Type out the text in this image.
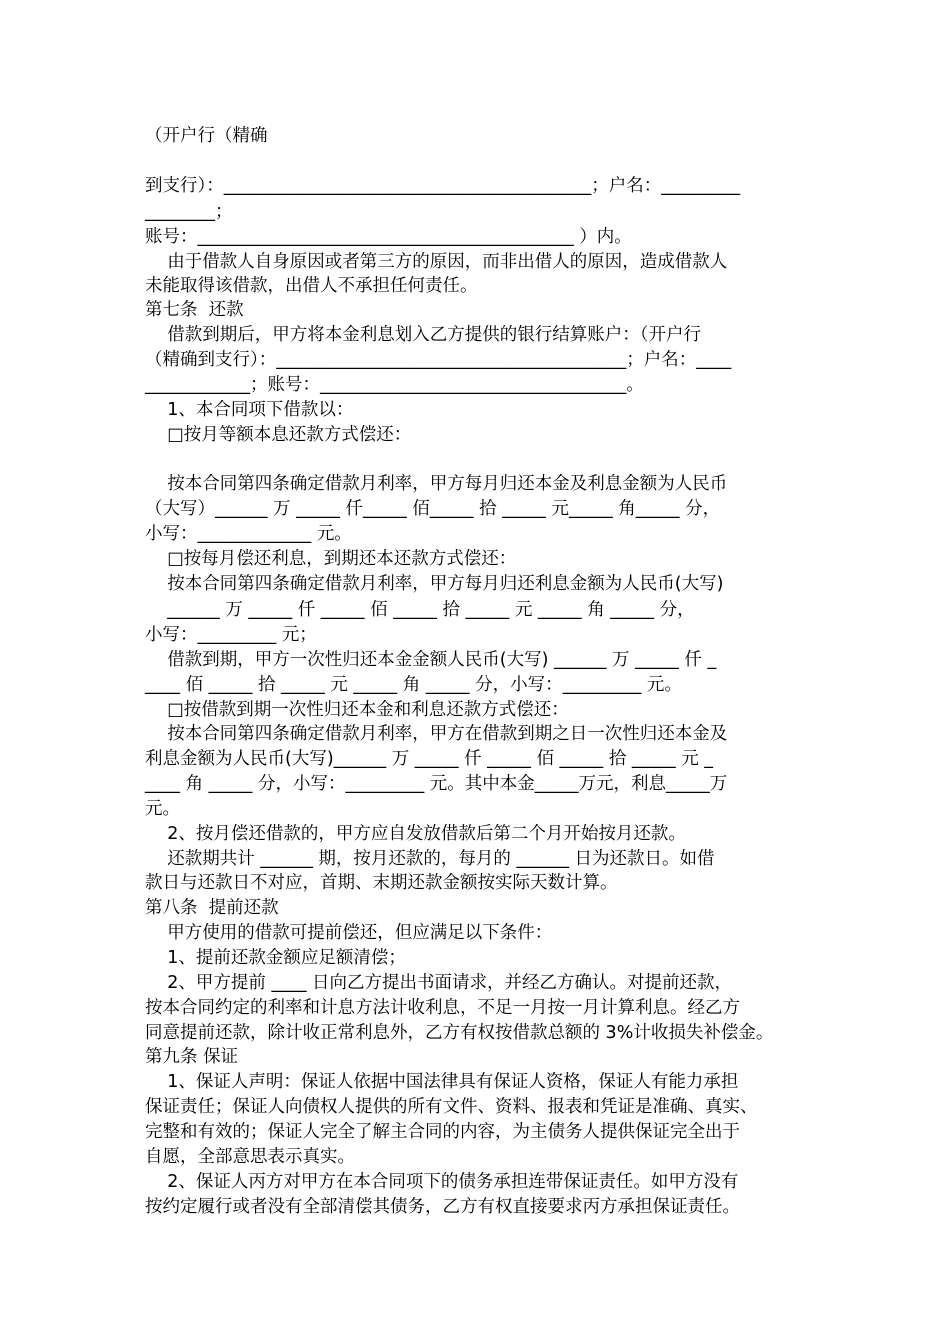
（开户行（精确

到支行）：__________________________________________；户名：_________

________；

账号：___________________________________________ ）内。

由于借款人自身原因或者第三方的原因，而非出借人的原因，造成借款人

未能取得该借款，出借人不承担任何责任。

第七条  还款

借款到期后，甲方将本金利息划入乙方提供的银行结算账户：（开户行

（精确到支行）：________________________________________；户名：____

____________；账号：___________________________________。

1、本合同项下借款以：

□按月等额本息还款方式偿还：

按本合同第四条确定借款月利率，甲方每月归还本金及利息金额为人民币

（大写）______ 万 _____ 仟_____ 佰_____ 拾 _____ 元_____ 角_____ 分，

小写：_____________ 元。

□按每月偿还利息，到期还本还款方式偿还：

按本合同第四条确定借款月利率，甲方每月归还利息金额为人民币(大写)

______ 万 _____ 仟 _____ 佰 _____ 拾 _____ 元 _____ 角 _____ 分，

小写：_________ 元；

借款到期，甲方一次性归还本金金额人民币(大写) ______ 万 _____ 仟 _

____ 佰 _____ 拾 _____ 元 _____ 角 _____ 分，小写：_________ 元。

□按借款到期一次性归还本金和利息还款方式偿还：

按本合同第四条确定借款月利率，甲方在借款到期之日一次性归还本金及

利息金额为人民币(大写)______ 万 _____ 仟 _____ 佰 _____ 拾 _____ 元 _

____ 角 _____ 分，小写：_________ 元。其中本金_____万元，利息_____万

元。

2、按月偿还借款的，甲方应自发放借款后第二个月开始按月还款。

还款期共计 ______ 期，按月还款的，每月的 ______ 日为还款日。如借

款日与还款日不对应，首期、末期还款金额按实际天数计算。

第八条  提前还款

甲方使用的借款可提前偿还，但应满足以下条件：

1、提前还款金额应足额清偿；

2、甲方提前 ____ 日向乙方提出书面请求，并经乙方确认。对提前还款，

按本合同约定的利率和计息方法计收利息，不足一月按一月计算利息。经乙方

同意提前还款，除计收正常利息外，乙方有权按借款总额的 3%计收损失补偿金。

第九条 保证

1、保证人声明：保证人依据中国法律具有保证人资格，保证人有能力承担

保证责任；保证人向债权人提供的所有文件、资料、报表和凭证是准确、真实、

完整和有效的；保证人完全了解主合同的内容，为主债务人提供保证完全出于

自愿，全部意思表示真实。

2、保证人丙方对甲方在本合同项下的债务承担连带保证责任。如甲方没有

按约定履行或者没有全部清偿其债务，乙方有权直接要求丙方承担保证责任。
